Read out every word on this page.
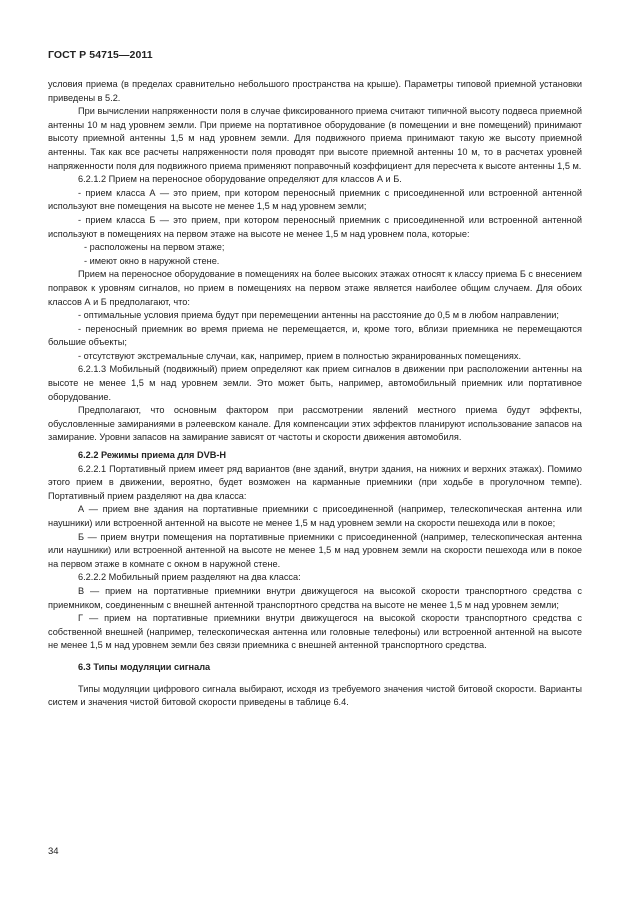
ГОСТ Р 54715—2011

условия приема (в пределах сравнительно небольшого пространства на крыше). Параметры типовой приемной установки приведены в 5.2.

При вычислении напряженности поля в случае фиксированного приема считают типичной высоту подвеса приемной антенны 10 м над уровнем земли. При приеме на портативное оборудование (в помещении и вне помещений) принимают высоту приемной антенны 1,5 м над уровнем земли. Для подвижного приема принимают такую же высоту приемной антенны. Так как все расчеты напряженности поля проводят при высоте приемной антенны 10 м, то в расчетах уровней напряженности поля для подвижного приема применяют поправочный коэффициент для пересчета к высоте антенны 1,5 м.

6.2.1.2 Прием на переносное оборудование определяют для классов А и Б.

- прием класса А — это прием, при котором переносный приемник с присоединенной или встроенной антенной используют вне помещения на высоте не менее 1,5 м над уровнем земли;

- прием класса Б — это прием, при котором переносный приемник с присоединенной или встроенной антенной используют в помещениях на первом этаже на высоте не менее 1,5 м над уровнем пола, которые:

- расположены на первом этаже;

- имеют окно в наружной стене.

Прием на переносное оборудование в помещениях на более высоких этажах относят к классу приема Б с внесением поправок к уровням сигналов, но прием в помещениях на первом этаже является наиболее общим случаем. Для обоих классов А и Б предполагают, что:

- оптимальные условия приема будут при перемещении антенны на расстояние до 0,5 м в любом направлении;

- переносный приемник во время приема не перемещается, и, кроме того, вблизи приемника не перемещаются большие объекты;

- отсутствуют экстремальные случаи, как, например, прием в полностью экранированных помещениях.

6.2.1.3 Мобильный (подвижный) прием определяют как прием сигналов в движении при расположении антенны на высоте не менее 1,5 м над уровнем земли. Это может быть, например, автомобильный приемник или портативное оборудование.

Предполагают, что основным фактором при рассмотрении явлений местного приема будут эффекты, обусловленные замираниями в рэлеевском канале. Для компенсации этих эффектов планируют использование запасов на замирание. Уровни запасов на замирание зависят от частоты и скорости движения автомобиля.

6.2.2 Режимы приема для DVB-H

6.2.2.1 Портативный прием имеет ряд вариантов (вне зданий, внутри здания, на нижних и верхних этажах). Помимо этого прием в движении, вероятно, будет возможен на карманные приемники (при ходьбе в прогулочном темпе). Портативный прием разделяют на два класса:

А — прием вне здания на портативные приемники с присоединенной (например, телескопическая антенна или наушники) или встроенной антенной на высоте не менее 1,5 м над уровнем земли на скорости пешехода или в покое;

Б — прием внутри помещения на портативные приемники с присоединенной (например, телескопическая антенна или наушники) или встроенной антенной на высоте не менее 1,5 м над уровнем земли на скорости пешехода или в покое на первом этаже в комнате с окном в наружной стене.

6.2.2.2 Мобильный прием разделяют на два класса:

В — прием на портативные приемники внутри движущегося на высокой скорости транспортного средства с приемником, соединенным с внешней антенной транспортного средства на высоте не менее 1,5 м над уровнем земли;

Г — прием на портативные приемники внутри движущегося на высокой скорости транспортного средства с собственной внешней (например, телескопическая антенна или головные телефоны) или встроенной антенной на высоте не менее 1,5 м над уровнем земли без связи приемника с внешней антенной транспортного средства.

6.3 Типы модуляции сигнала

Типы модуляции цифрового сигнала выбирают, исходя из требуемого значения чистой битовой скорости. Варианты систем и значения чистой битовой скорости приведены в таблице 6.4.

34
